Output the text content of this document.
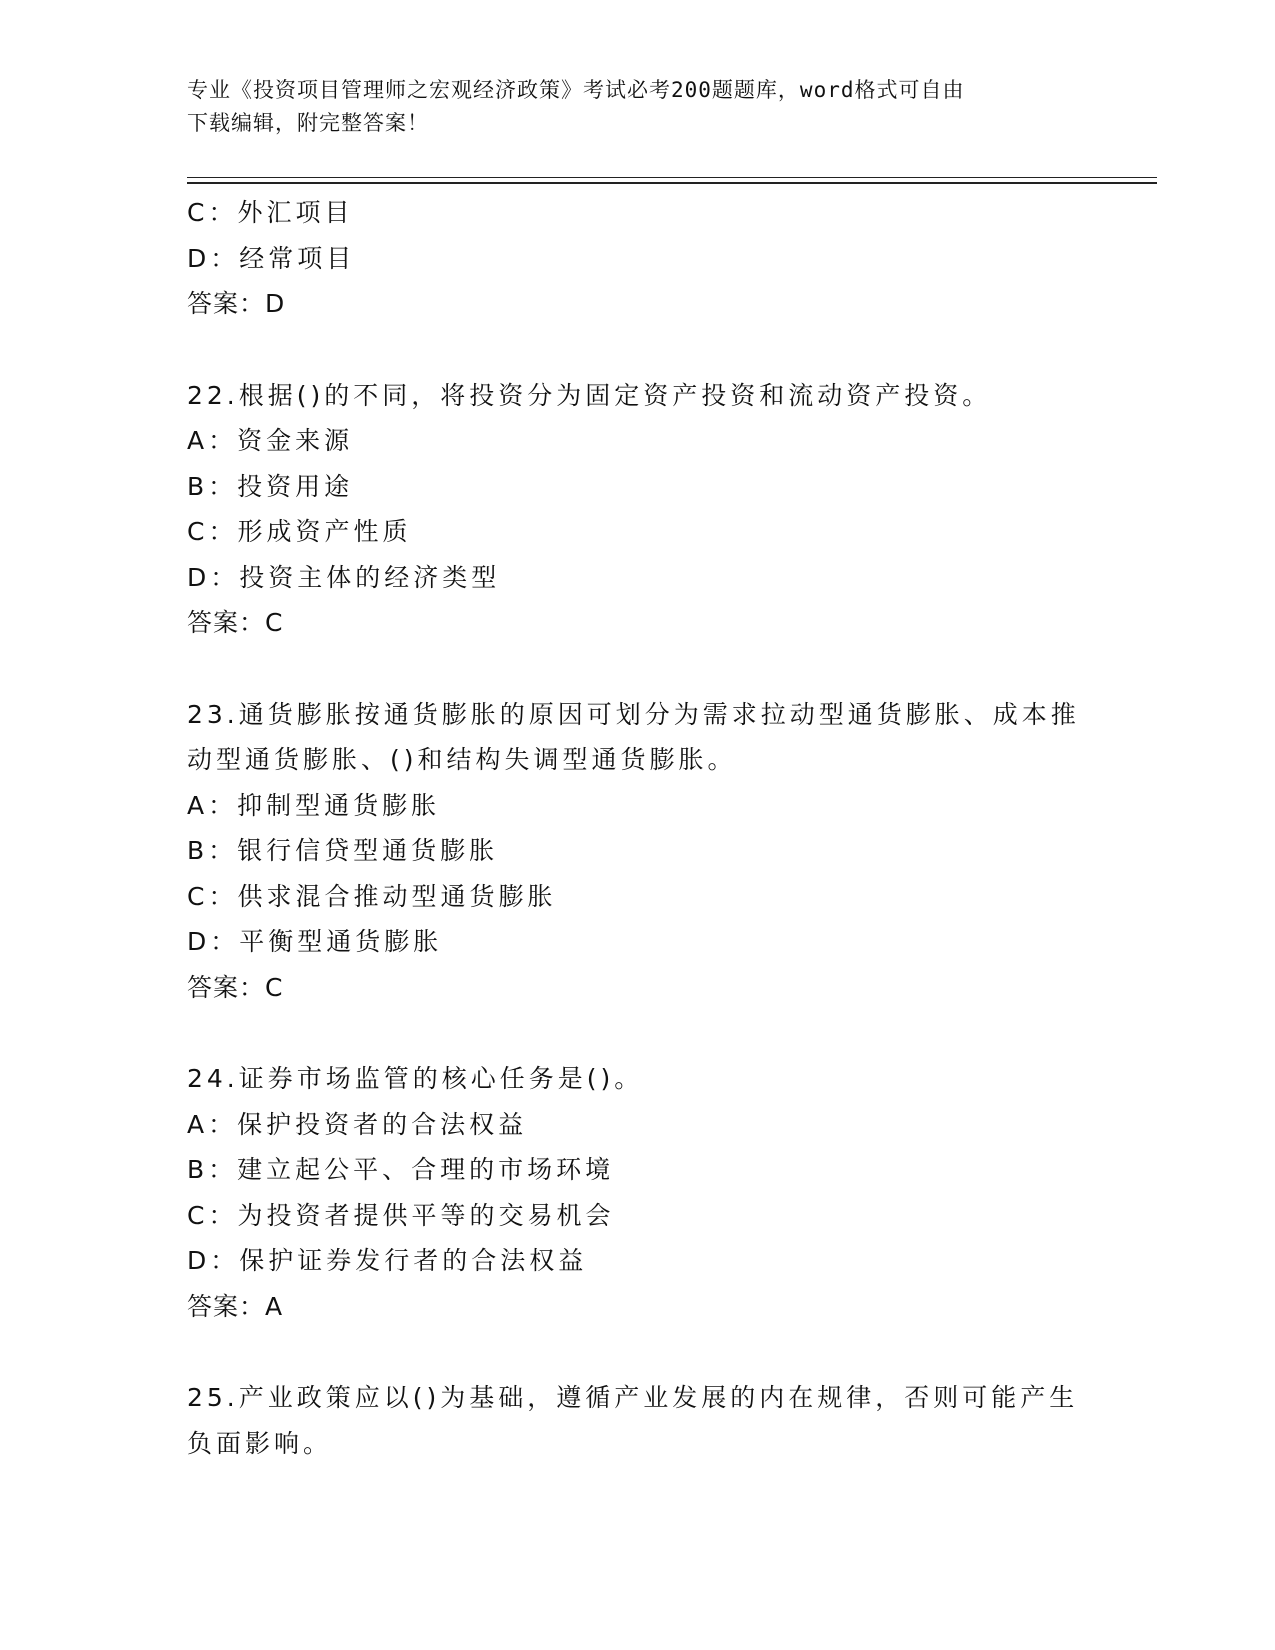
专业《投资项目管理师之宏观经济政策》考试必考200题题库，word格式可自由
下载编辑，附完整答案！
C：外汇项目
D：经常项目
答案：D
22.根据()的不同，将投资分为固定资产投资和流动资产投资。
A：资金来源
B：投资用途
C：形成资产性质
D：投资主体的经济类型
答案：C
23.通货膨胀按通货膨胀的原因可划分为需求拉动型通货膨胀、成本推
动型通货膨胀、()和结构失调型通货膨胀。
A：抑制型通货膨胀
B：银行信贷型通货膨胀
C：供求混合推动型通货膨胀
D：平衡型通货膨胀
答案：C
24.证券市场监管的核心任务是()。
A：保护投资者的合法权益
B：建立起公平、合理的市场环境
C：为投资者提供平等的交易机会
D：保护证券发行者的合法权益
答案：A
25.产业政策应以()为基础，遵循产业发展的内在规律，否则可能产生
负面影响。
